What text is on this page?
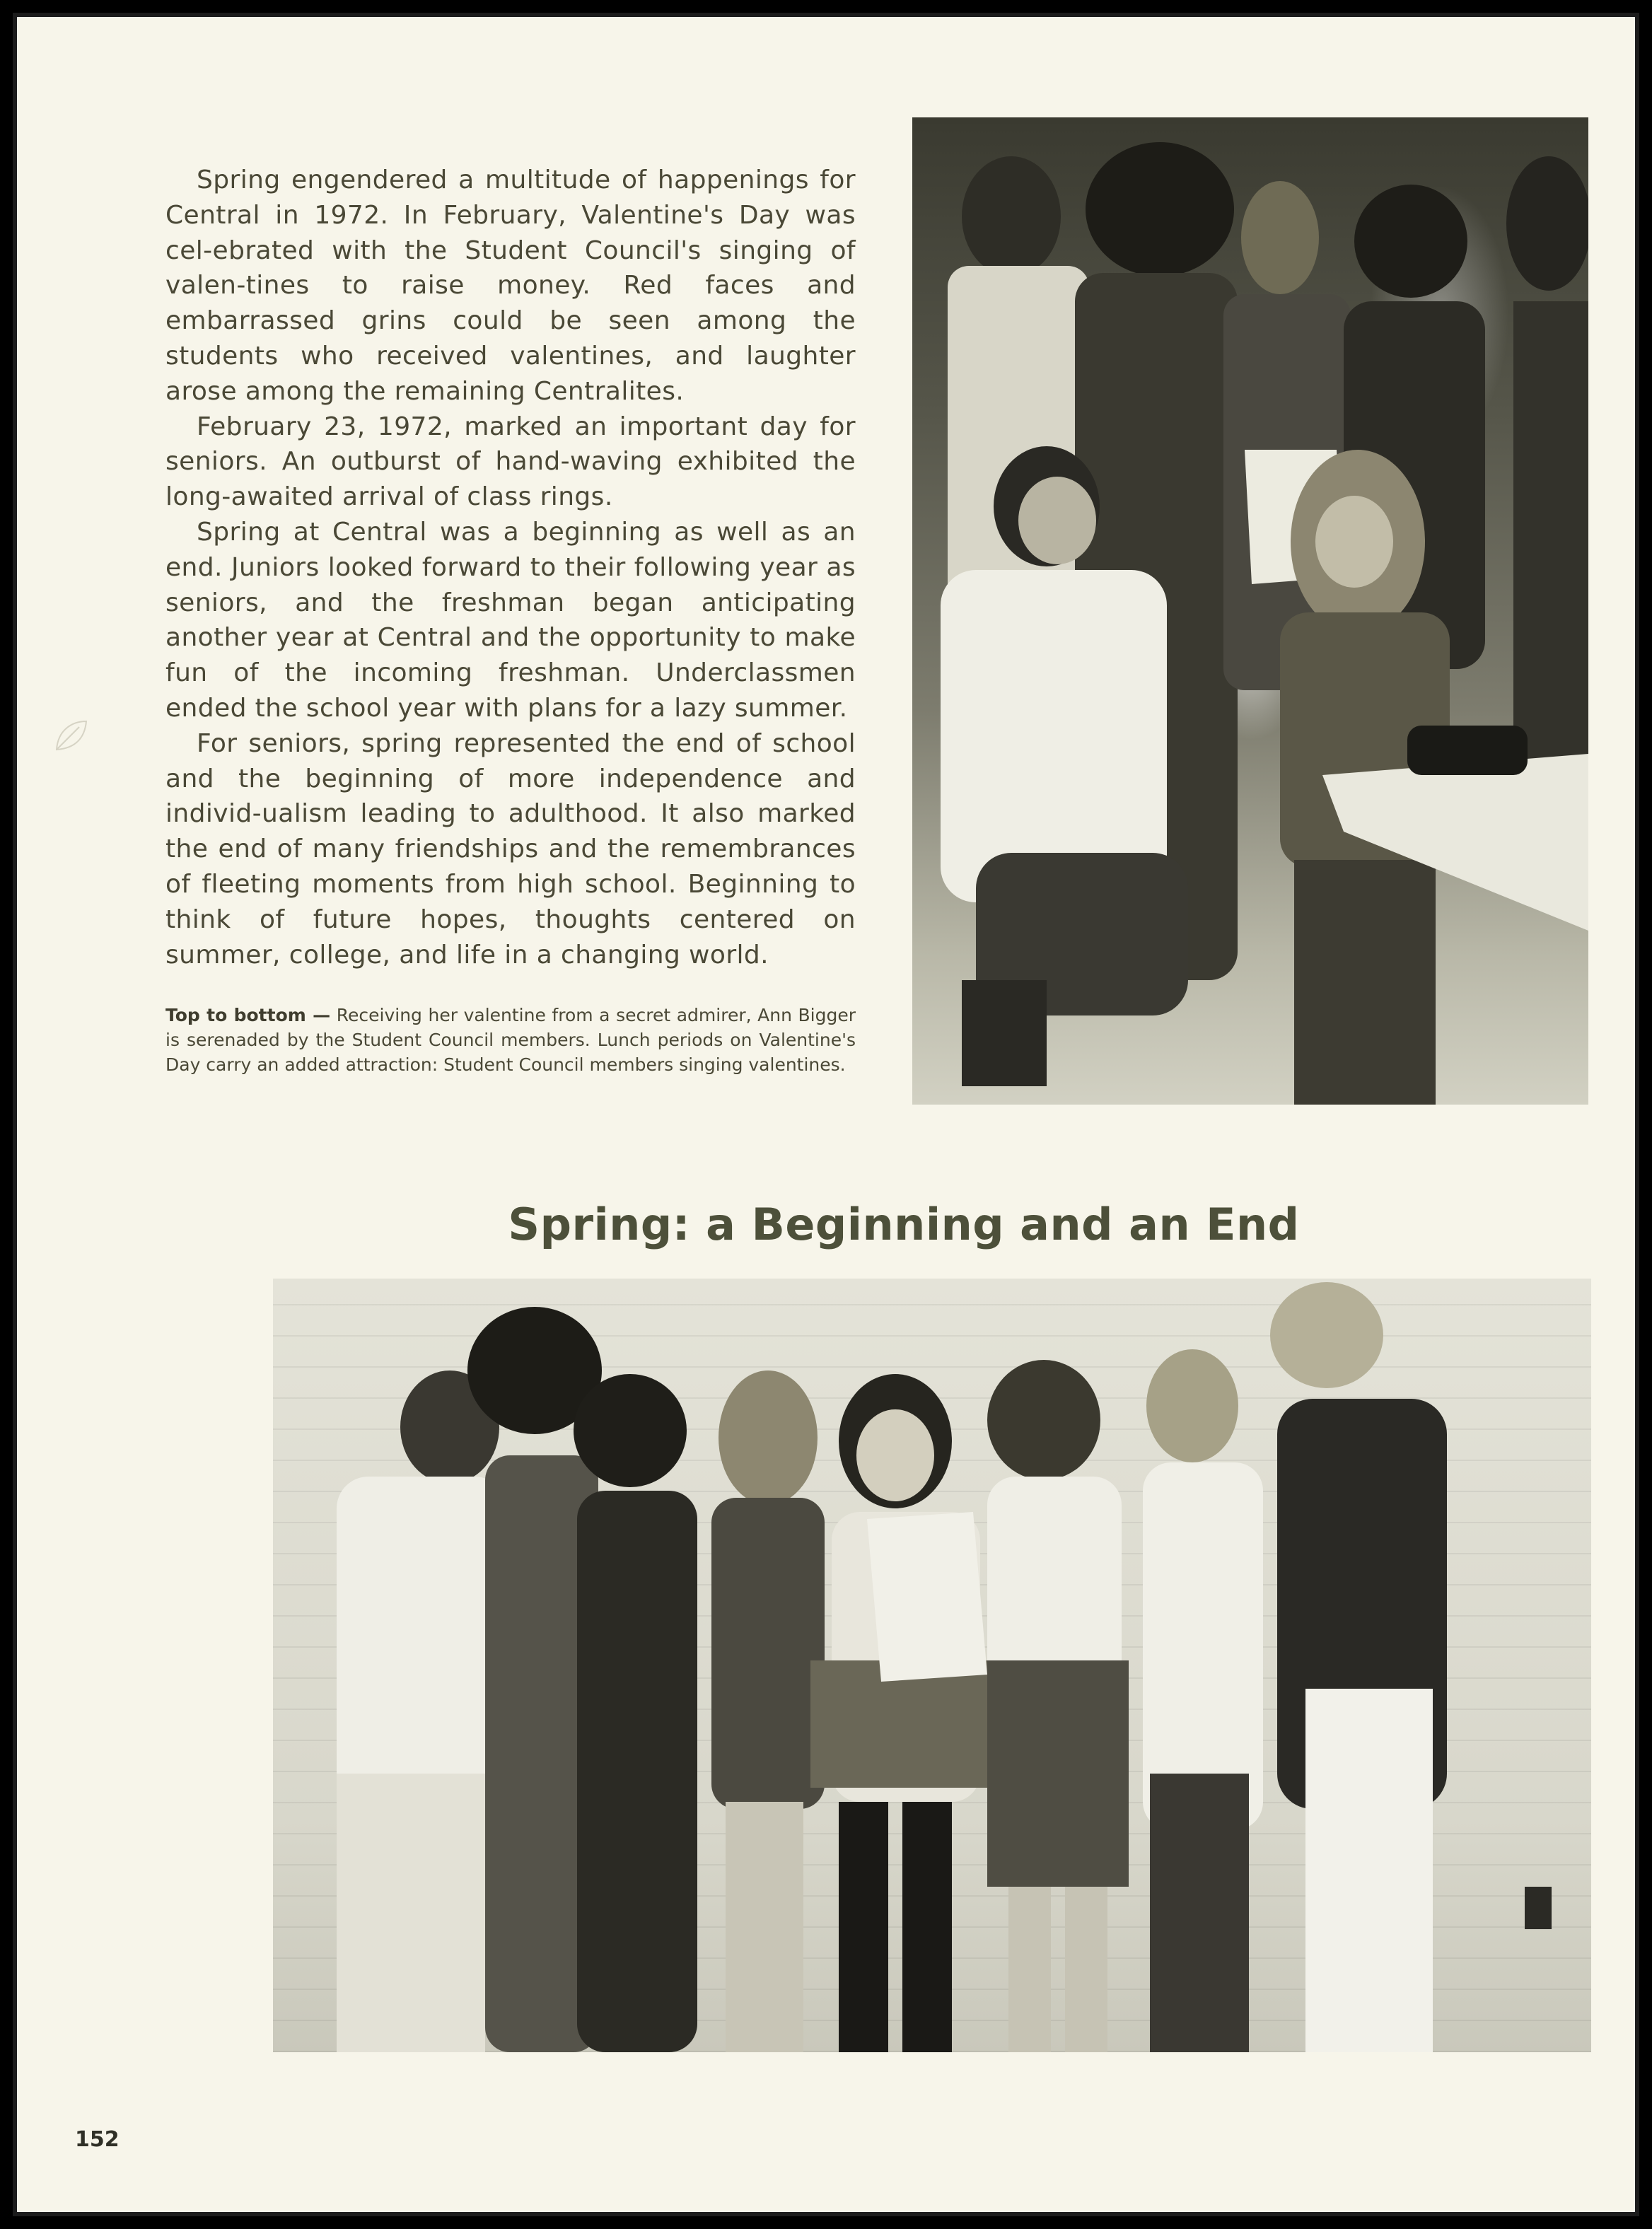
Spring engendered a multitude of happenings for Central in 1972. In February, Valentine's Day was cel-ebrated with the Student Council's singing of valen-tines to raise money. Red faces and embarrassed grins could be seen among the students who received valentines, and laughter arose among the remaining Centralites.

February 23, 1972, marked an important day for seniors. An outburst of hand-waving exhibited the long-awaited arrival of class rings.

Spring at Central was a beginning as well as an end. Juniors looked forward to their following year as seniors, and the freshman began anticipating another year at Central and the opportunity to make fun of the incoming freshman. Underclassmen ended the school year with plans for a lazy summer.

For seniors, spring represented the end of school and the beginning of more independence and individ-ualism leading to adulthood. It also marked the end of many friendships and the remembrances of fleeting moments from high school. Beginning to think of future hopes, thoughts centered on summer, college, and life in a changing world.

Top to bottom — Receiving her valentine from a secret admirer, Ann Bigger is serenaded by the Student Council members. Lunch periods on Valentine's Day carry an added attraction: Student Council members singing valentines.

Spring: a Beginning and an End

152
